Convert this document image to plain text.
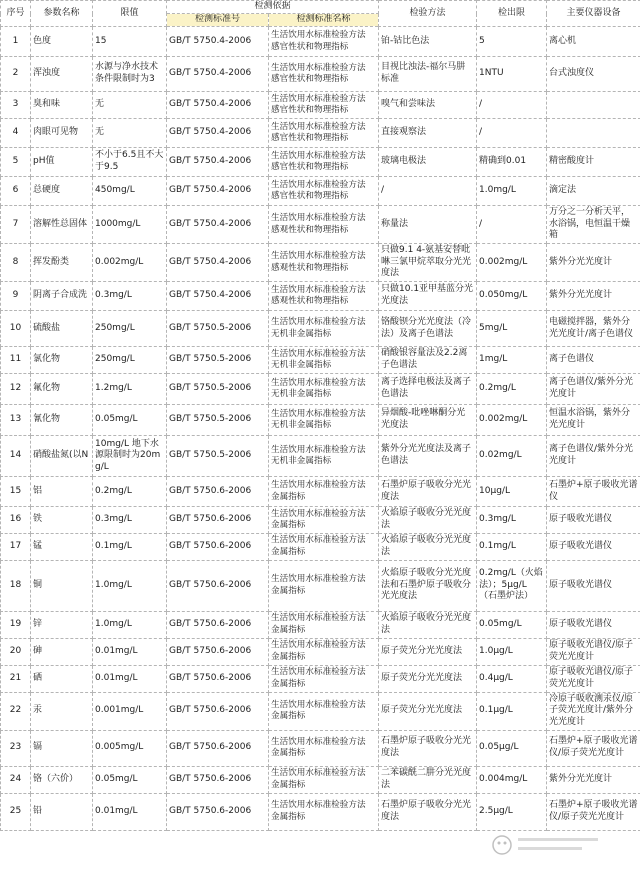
序号	参数名称	限值	检测依据		检验方法	检出限	主要仪器设备
			检测标准号	检测标准名称			
1	色度	15	GB/T 5750.4-2006	生活饮用水标准检验方法 感官性状和物理指标	铂-钴比色法	5	离心机
2	浑浊度	水源与净水技术条件限制时为3	GB/T 5750.4-2006	生活饮用水标准检验方法 感官性状和物理指标	目视比浊法-福尔马肼标准	1NTU	台式浊度仪
3	臭和味	无	GB/T 5750.4-2006	生活饮用水标准检验方法 感官性状和物理指标	嗅气和尝味法	/	
4	肉眼可见物	无	GB/T 5750.4-2006	生活饮用水标准检验方法 感官性状和物理指标	直接观察法	/	
5	pH值	不小于6.5且不大于9.5	GB/T 5750.4-2006	生活饮用水标准检验方法 感官性状和物理指标	玻璃电极法	精确到0.01	精密酸度计
6	总硬度	450mg/L	GB/T 5750.4-2006	生活饮用水标准检验方法 感官性状和物理指标	/	1.0mg/L	滴定法
7	溶解性总固体	1000mg/L	GB/T 5750.4-2006	生活饮用水标准检验方法 感观性状和物理指标	称量法	/	万分之一分析天平，水浴锅，电恒温干燥箱
8	挥发酚类	0.002mg/L	GB/T 5750.4-2006	生活饮用水标准检验方法 感观性状和物理指标	只做9.1 4-氨基安替吡啉三氯甲烷萃取分光光度法	0.002mg/L	紫外分光光度计
9	阴离子合成洗	0.3mg/L	GB/T 5750.4-2006	生活饮用水标准检验方法 感观性状和物理指标	只做10.1亚甲基蓝分光光度法	0.050mg/L	紫外分光光度计
10	硫酸盐	250mg/L	GB/T 5750.5-2006	生活饮用水标准检验方法 无机非金属指标	铬酸钡分光光度法（冷法）及离子色谱法	5mg/L	电磁搅拌器，紫外分光光度计/离子色谱仪
11	氯化物	250mg/L	GB/T 5750.5-2006	生活饮用水标准检验方法 无机非金属指标	硝酸银容量法及2.2离子色谱法	1mg/L	离子色谱仪
12	氟化物	1.2mg/L	GB/T 5750.5-2006	生活饮用水标准检验方法 无机非金属指标	离子选择电极法及离子色谱法	0.2mg/L	离子色谱仪/紫外分光光度计
13	氰化物	0.05mg/L	GB/T 5750.5-2006	生活饮用水标准检验方法 无机非金属指标	异烟酸-吡唑啉酮分光光度法	0.002mg/L	恒温水浴锅，紫外分光光度计
14	硝酸盐氮(以N	10mg/L 地下水源限制时为20mg/L	GB/T 5750.5-2006	生活饮用水标准检验方法 无机非金属指标	紫外分光光度法及离子色谱法	0.02mg/L	离子色谱仪/紫外分光光度计
15	铝	0.2mg/L	GB/T 5750.6-2006	生活饮用水标准检验方法 金属指标	石墨炉原子吸收分光光度法	10μg/L	石墨炉+原子吸收光谱仪
16	铁	0.3mg/L	GB/T 5750.6-2006	生活饮用水标准检验方法 金属指标	火焰原子吸收分光光度法	0.3mg/L	原子吸收光谱仪
17	锰	0.1mg/L	GB/T 5750.6-2006	生活饮用水标准检验方法 金属指标	火焰原子吸收分光光度法	0.1mg/L	原子吸收光谱仪
18	铜	1.0mg/L	GB/T 5750.6-2006	生活饮用水标准检验方法 金属指标	火焰原子吸收分光光度法和石墨炉原子吸收分光光度法	0.2mg/L（火焰法）；5μg/L（石墨炉法）	原子吸收光谱仪
19	锌	1.0mg/L	GB/T 5750.6-2006	生活饮用水标准检验方法 金属指标	火焰原子吸收分光光度法	0.05mg/L	原子吸收光谱仪
20	砷	0.01mg/L	GB/T 5750.6-2006	生活饮用水标准检验方法 金属指标	原子荧光分光光度法	1.0μg/L	原子吸收光谱仪/原子荧光光度计
21	硒	0.01mg/L	GB/T 5750.6-2006	生活饮用水标准检验方法 金属指标	原子荧光分光光度法	0.4μg/L	原子吸收光谱仪/原子荧光光度计
22	汞	0.001mg/L	GB/T 5750.6-2006	生活饮用水标准检验方法 金属指标	原子荧光分光光度法	0.1μg/L	冷原子吸收测汞仪/原子荧光光度计/紫外分光光度计
23	镉	0.005mg/L	GB/T 5750.6-2006	生活饮用水标准检验方法 金属指标	石墨炉原子吸收分光光度法	0.05μg/L	石墨炉+原子吸收光谱仪/原子荧光光度计
24	铬（六价）	0.05mg/L	GB/T 5750.6-2006	生活饮用水标准检验方法 金属指标	二苯碳酰二肼分光光度法	0.004mg/L	紫外分光光度计
25	铅	0.01mg/L	GB/T 5750.6-2006	生活饮用水标准检验方法 金属指标	石墨炉原子吸收分光光度法	2.5μg/L	石墨炉+原子吸收光谱仪/原子荧光光度计
